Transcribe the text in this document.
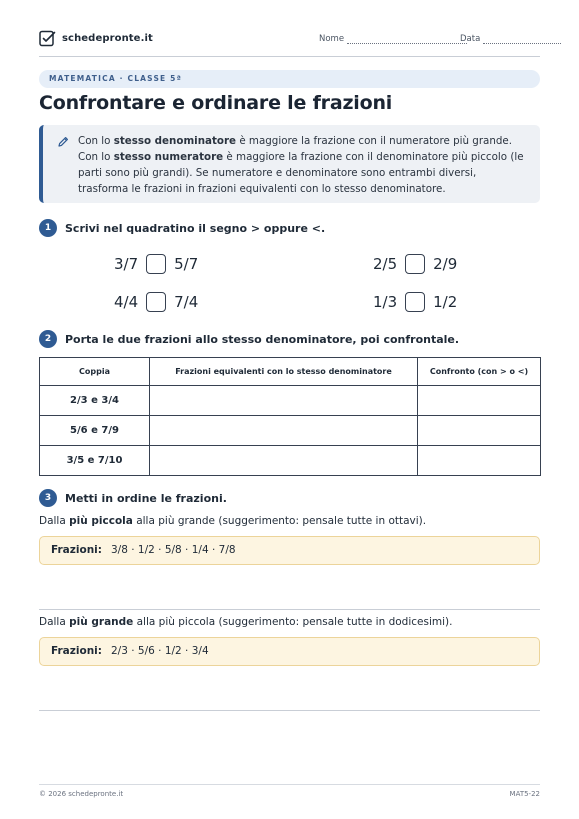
schedepronte.it	Nome	Data
MATEMATICA · CLASSE 5ª
Confrontare e ordinare le frazioni
Con lo stesso denominatore è maggiore la frazione con il numeratore più grande. Con lo stesso numeratore è maggiore la frazione con il denominatore più piccolo (le parti sono più grandi). Se numeratore e denominatore sono entrambi diversi, trasforma le frazioni in frazioni equivalenti con lo stesso denominatore.
1	Scrivi nel quadratino il segno > oppure <.
3/7 5/7	2/5 2/9
4/4 7/4	1/3 1/2
2	Porta le due frazioni allo stesso denominatore, poi confrontale.
Coppia	Frazioni equivalenti con lo stesso denominatore	Confronto (con > o <)
2/3 e 3/4		
5/6 e 7/9		
3/5 e 7/10		
3	Metti in ordine le frazioni.
Dalla più piccola alla più grande (suggerimento: pensale tutte in ottavi).
Frazioni: 3/8 · 1/2 · 5/8 · 1/4 · 7/8
Dalla più grande alla più piccola (suggerimento: pensale tutte in dodicesimi).
Frazioni: 2/3 · 5/6 · 1/2 · 3/4
© 2026 schedepronte.it	MAT5-22
